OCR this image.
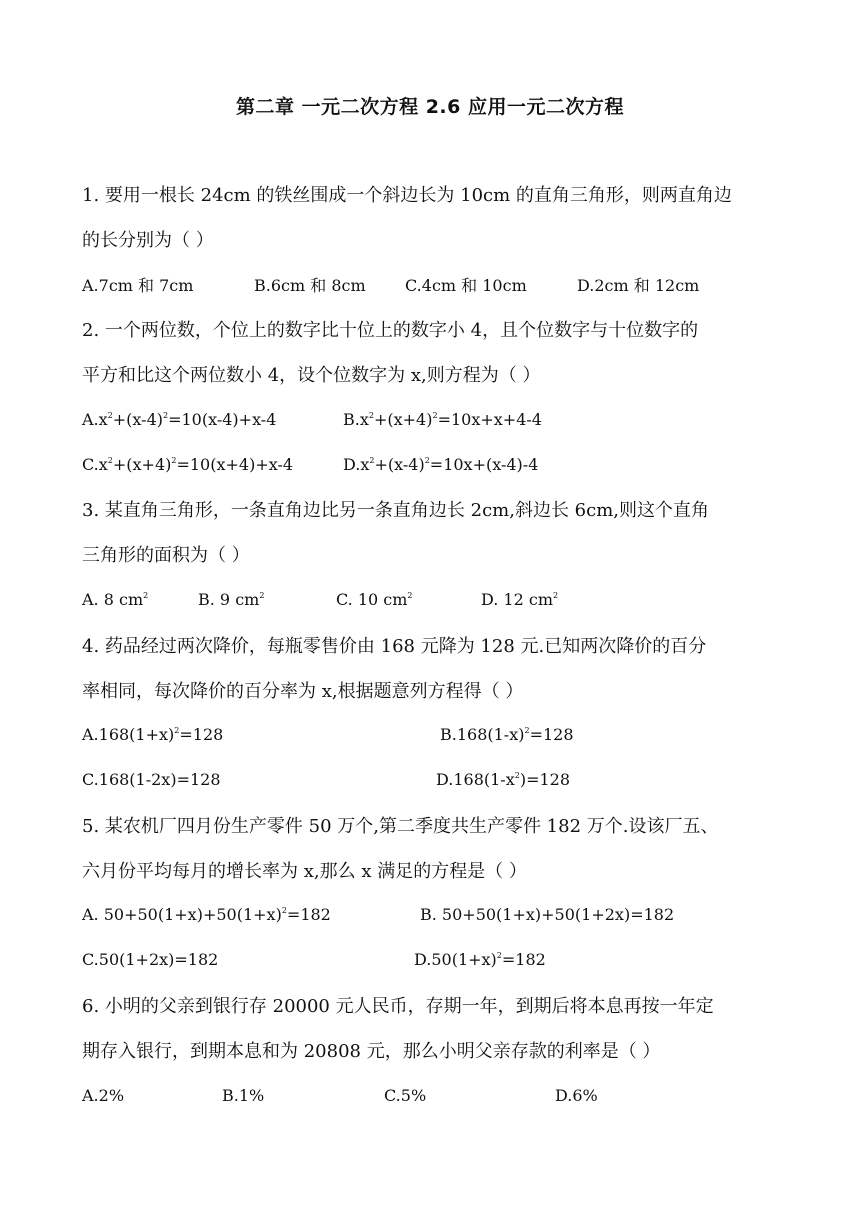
第二章 一元二次方程 2.6 应用一元二次方程
1. 要用一根长 24cm 的铁丝围成一个斜边长为 10cm 的直角三角形，则两直角边
的长分别为（ ）
A.7cm 和 7cm	B.6cm 和 8cm C.4cm 和 10cm	D.2cm 和 12cm
2. 一个两位数，个位上的数字比十位上的数字小 4，且个位数字与十位数字的
平方和比这个两位数小 4，设个位数字为 x,则方程为（ ）
$A.x^2+(x-4)^2=10(x-4)+x-4$	$B.x^2+(x+4)^2=10x+x+4-4$
$C.x^2+(x+4)^2=10(x+4)+x-4$	$D.x^2+(x-4)^2=10x+(x-4)-4$
3. 某直角三角形，一条直角边比另一条直角边长 2cm,斜边长 6cm,则这个直角
三角形的面积为（ ）
A. 8 $cm^2$	B. 9 $cm^2$	C. 10 $cm^2$	D. 12 $cm^2$
4. 药品经过两次降价，每瓶零售价由 168 元降为 128 元.已知两次降价的百分
率相同，每次降价的百分率为 x,根据题意列方程得（ ）
$A.168(1+x)^2=128$	$B.168(1-x)^2=128$
C.168(1-2x)=128	$D.168(1-x^2)=128$
5. 某农机厂四月份生产零件 50 万个,第二季度共生产零件 182 万个.设该厂五、
六月份平均每月的增长率为 x,那么 x 满足的方程是（ ）
A. $50+50(1+x)+50(1+x)^2=182$	B. 50+50(1+x)+50(1+2x)=182
C.50(1+2x)=182	$D.50(1+x)^2=182$
6. 小明的父亲到银行存 20000 元人民币，存期一年，到期后将本息再按一年定
期存入银行，到期本息和为 20808 元，那么小明父亲存款的利率是（ ）
A.2%	B.1%	C.5%	D.6%
